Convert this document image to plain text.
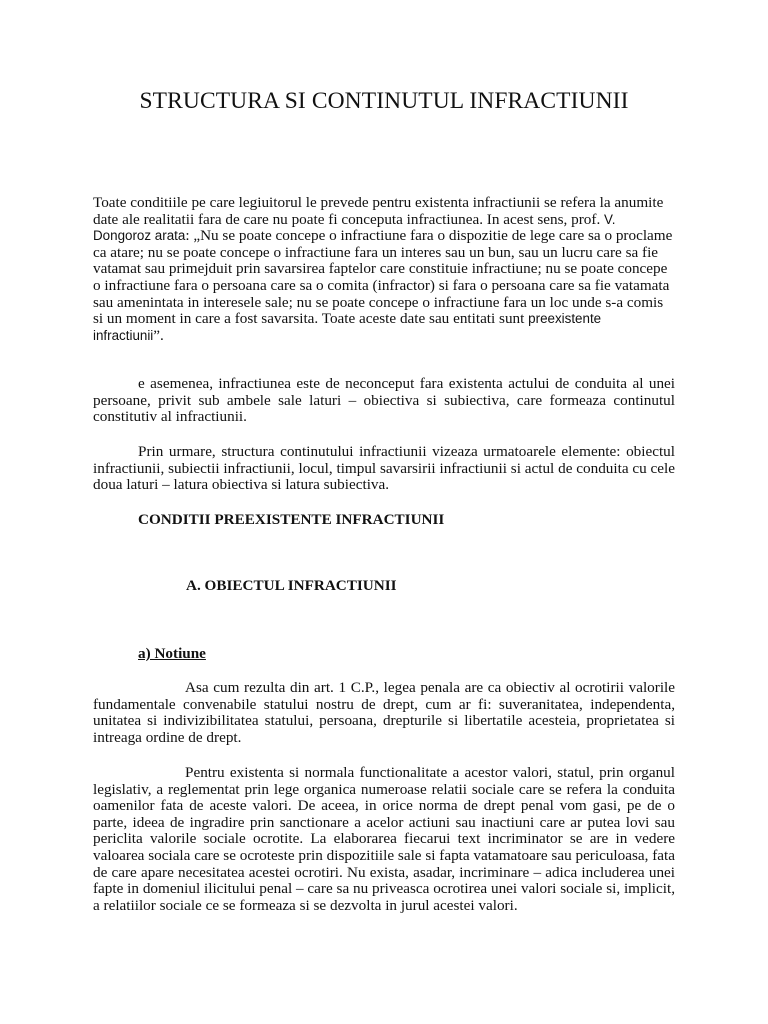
STRUCTURA SI CONTINUTUL INFRACTIUNII

Toate conditiile pe care legiuitorul le prevede pentru existenta infractiunii se refera la anumite date ale realitatii fara de care nu poate fi conceputa infractiunea. In acest sens, prof. V. Dongoroz arata: „Nu se poate concepe o infractiune fara o dispozitie de lege care sa o proclame ca atare; nu se poate concepe o infractiune fara un interes sau un bun, sau un lucru care sa fie vatamat sau primejduit prin savarsirea faptelor care constituie infractiune; nu se poate concepe o infractiune fara o persoana care sa o comita (infractor) si fara o persoana care sa fie vatamata sau amenintata in interesele sale; nu se poate concepe o infractiune fara un loc unde s-a comis si un moment in care a fost savarsita. Toate aceste date sau entitati sunt preexistente infractiunii”.

e asemenea, infractiunea este de neconceput fara existenta actului de conduita al unei persoane, privit sub ambele sale laturi – obiectiva si subiectiva, care formeaza continutul constitutiv al infractiunii.

Prin urmare, structura continutului infractiunii vizeaza urmatoarele elemente: obiectul infractiunii, subiectii infractiunii, locul, timpul savarsirii infractiunii si actul de conduita cu cele doua laturi – latura obiectiva si latura subiectiva.

CONDITII PREEXISTENTE INFRACTIUNII

A. OBIECTUL INFRACTIUNII

a) Notiune

Asa cum rezulta din art. 1 C.P., legea penala are ca obiectiv al ocrotirii valorile fundamentale convenabile statului nostru de drept, cum ar fi: suveranitatea, independenta, unitatea si indivizibilitatea statului, persoana, drepturile si libertatile acesteia, proprietatea si intreaga ordine de drept.

Pentru existenta si normala functionalitate a acestor valori, statul, prin organul legislativ, a reglementat prin lege organica numeroase relatii sociale care se refera la conduita oamenilor fata de aceste valori. De aceea, in orice norma de drept penal vom gasi, pe de o parte, ideea de ingradire prin sanctionare a acelor actiuni sau inactiuni care ar putea lovi sau periclita valorile sociale ocrotite. La elaborarea fiecarui text incriminator se are in vedere valoarea sociala care se ocroteste prin dispozitiile sale si fapta vatamatoare sau periculoasa, fata de care apare necesitatea acestei ocrotiri. Nu exista, asadar, incriminare – adica includerea unei fapte in domeniul ilicitului penal – care sa nu priveasca ocrotirea unei valori sociale si, implicit, a relatiilor sociale ce se formeaza si se dezvolta in jurul acestei valori.
